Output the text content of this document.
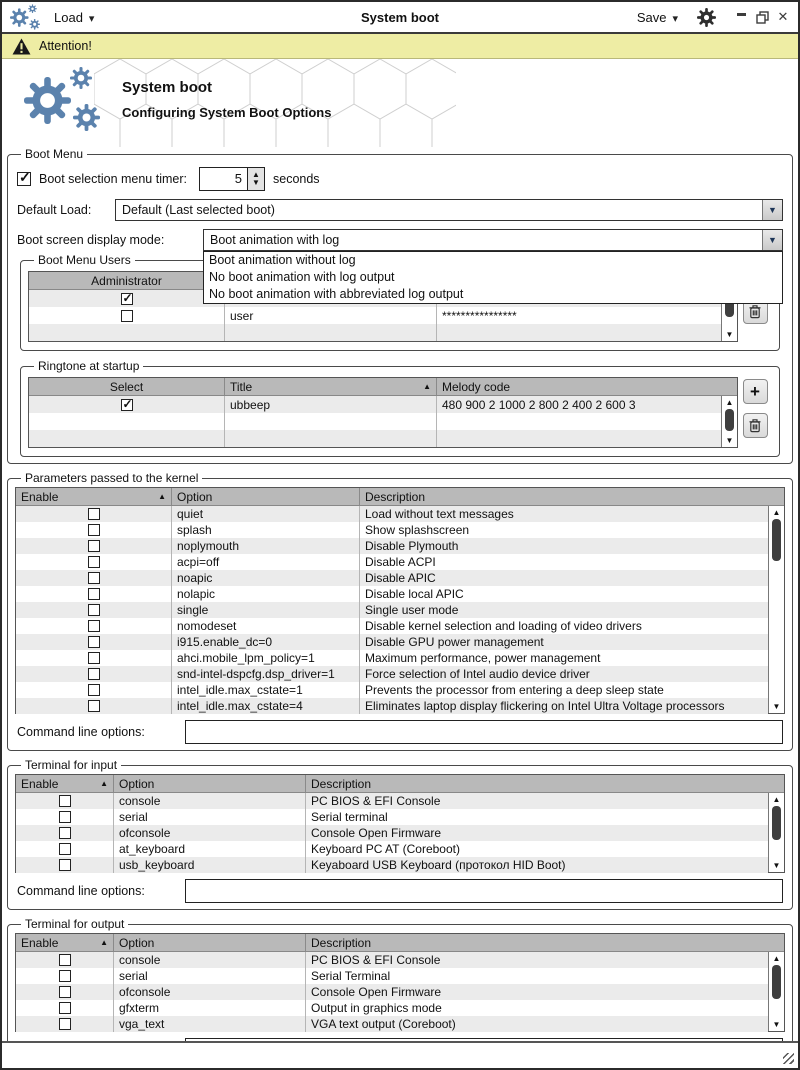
Load ▾	System boot	Save
▾
✕
Attention!
System boot
Configuring System Boot Options
Boot Menu
✓
Boot selection menu timer:	5	▲
▼ seconds
Default Load:	Default (Last selected boot)
▼
Boot screen display mode:	Boot animation with log
▼
Boot animation without log
No boot animation with log output
No boot animation with abbreviated log output
Boot Menu Users
Administrator
✓
user	****************
▼
Ringtone at startup
Select	Title ▲	Melody code
✓
ubbeep	480 900 2 1000 2 800 2 400 2 600 3
▲
▼
+
Parameters passed to the kernel
Enable ▲	Option	Description
quiet	Load without text messages
splash	Show splashscreen
noplymouth	Disable Plymouth
acpi=off	Disable ACPI
noapic	Disable APIC
nolapic	Disable local APIC
single	Single user mode
nomodeset	Disable kernel selection and loading of video drivers
i915.enable_dc=0	Disable GPU power management
ahci.mobile_lpm_policy=1	Maximum performance, power management
snd-intel-dspcfg.dsp_driver=1	Force selection of Intel audio device driver
intel_idle.max_cstate=1	Prevents the processor from entering a deep sleep state
intel_idle.max_cstate=4	Eliminates laptop display flickering on Intel Ultra Voltage processors
▲
▼
Command line options:
Terminal for input
Enable ▲	Option	Description
console	PC BIOS & EFI Console
serial	Serial terminal
ofconsole	Console Open Firmware
at_keyboard	Keyboard PC AT (Coreboot)
usb_keyboard	Keyaboard USB Keyboard (протокол HID Boot)
▲
▼
Command line options:
Terminal for output
Enable ▲	Option	Description
console	PC BIOS & EFI Console
serial	Serial Terminal
ofconsole	Console Open Firmware
gfxterm	Output in graphics mode
vga_text	VGA text output (Coreboot)
▲
▼
